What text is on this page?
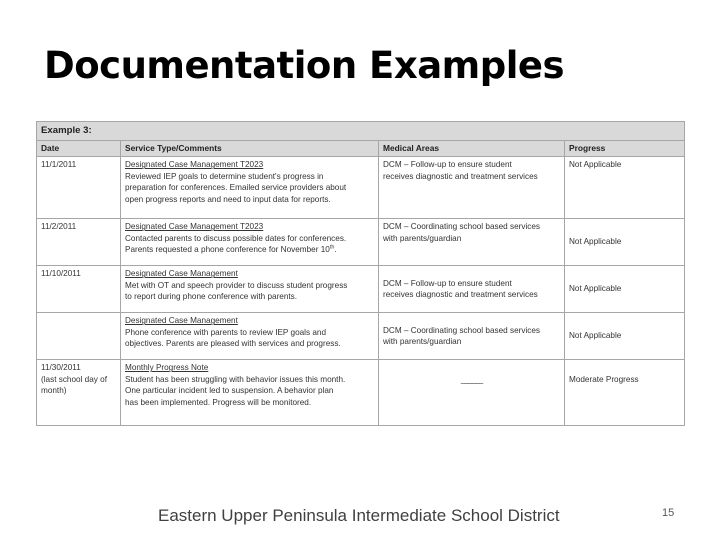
Documentation Examples
Example 3:			
Date	Service Type/Comments	Medical Areas	Progress

11/1/2011	Designated Case Management T2023
Reviewed IEP goals to determine student's progress in
preparation for conferences. Emailed service providers about
open progress reports and need to input data for reports.	DCM – Follow-up to ensure student
receives diagnostic and treatment services	Not Applicable

11/2/2011	Designated Case Management T2023
Contacted parents to discuss possible dates for conferences.
Parents requested a phone conference for November 10th.	DCM – Coordinating school based services
with parents/guardian	Not Applicable

11/10/2011	Designated Case Management
Met with OT and speech provider to discuss student progress
to report during phone conference with parents.	DCM – Follow-up to ensure student
receives diagnostic and treatment services	Not Applicable

	Designated Case Management
Phone conference with parents to review IEP goals and
objectives. Parents are pleased with services and progress.	DCM – Coordinating school based services
with parents/guardian	Not Applicable

11/30/2011
(last school day of
month)	Monthly Progress Note
Student has been struggling with behavior issues this month.
One particular incident led to suspension. A behavior plan
has been implemented. Progress will be monitored.	______	Moderate Progress
Eastern Upper Peninsula Intermediate School District	15
